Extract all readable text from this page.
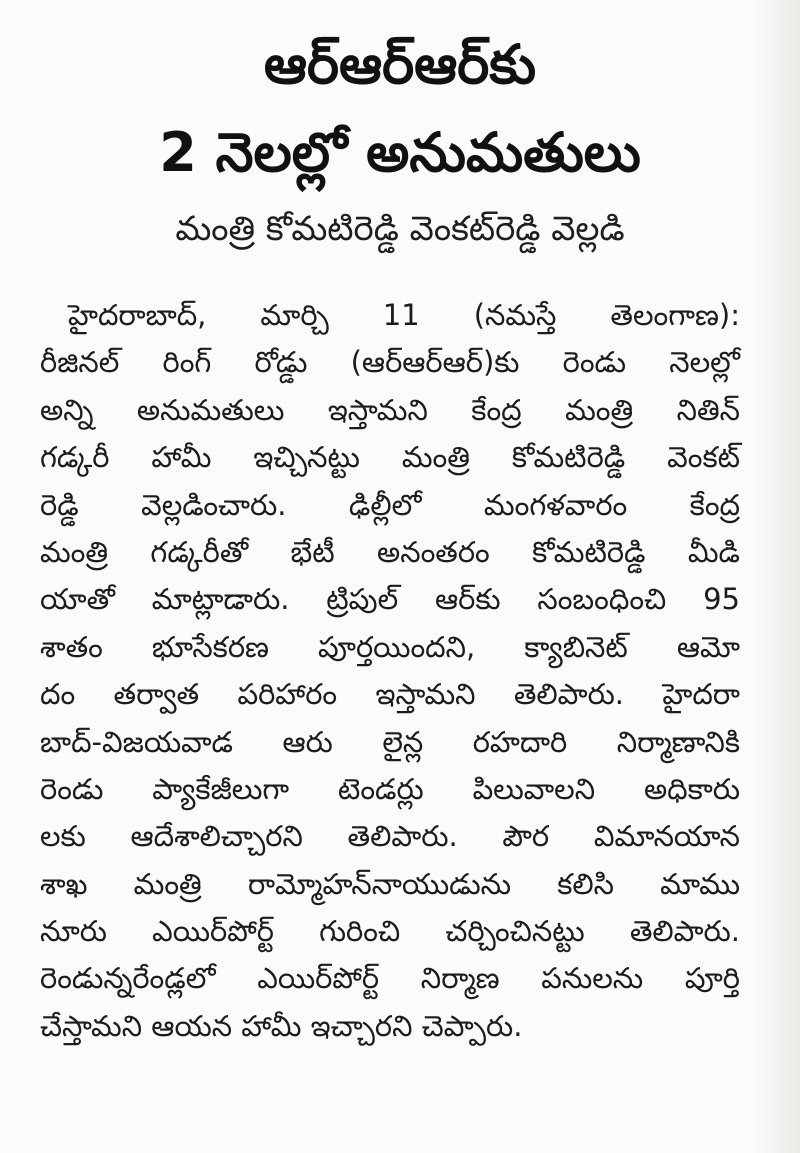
ఆర్‌ఆర్‌ఆర్‌కు
2 నెలల్లో అనుమతులు
మంత్రి కోమటిరెడ్డి వెంకట్‌రెడ్డి వెల్లడి
హైదరాబాద్‌, మార్చి 11 (నమస్తే తెలంగాణ):
రీజినల్‌ రింగ్‌ రోడ్డు (ఆర్‌ఆర్‌ఆర్‌)కు రెండు నెలల్లో
అన్ని అనుమతులు ఇస్తామని కేంద్ర మంత్రి నితిన్‌
గడ్కరీ హామీ ఇచ్చినట్టు మంత్రి కోమటిరెడ్డి వెంకట్‌
రెడ్డి వెల్లడించారు. ఢిల్లీలో మంగళవారం కేంద్ర
మంత్రి గడ్కరీతో భేటీ అనంతరం కోమటిరెడ్డి మీడి
యాతో మాట్లాడారు. ట్రిపుల్‌ ఆర్‌కు సంబంధించి 95
శాతం భూసేకరణ పూర్తయిందని, క్యాబినెట్‌ ఆమో
దం తర్వాత పరిహారం ఇస్తామని తెలిపారు. హైదరా
బాద్‌-విజయవాడ ఆరు లైన్ల రహదారి నిర్మాణానికి
రెండు ప్యాకేజీలుగా టెండర్లు పిలువాలని అధికారు
లకు ఆదేశాలిచ్చారని తెలిపారు. పౌర విమానయాన
శాఖ మంత్రి రామ్మోహన్‌నాయుడును కలిసి మాము
నూరు ఎయిర్‌పోర్ట్‌ గురించి చర్చించినట్టు తెలిపారు.
రెండున్నరేండ్లలో ఎయిర్‌పోర్ట్‌ నిర్మాణ పనులను పూర్తి
చేస్తామని ఆయన హామీ ఇచ్చారని చెప్పారు.
